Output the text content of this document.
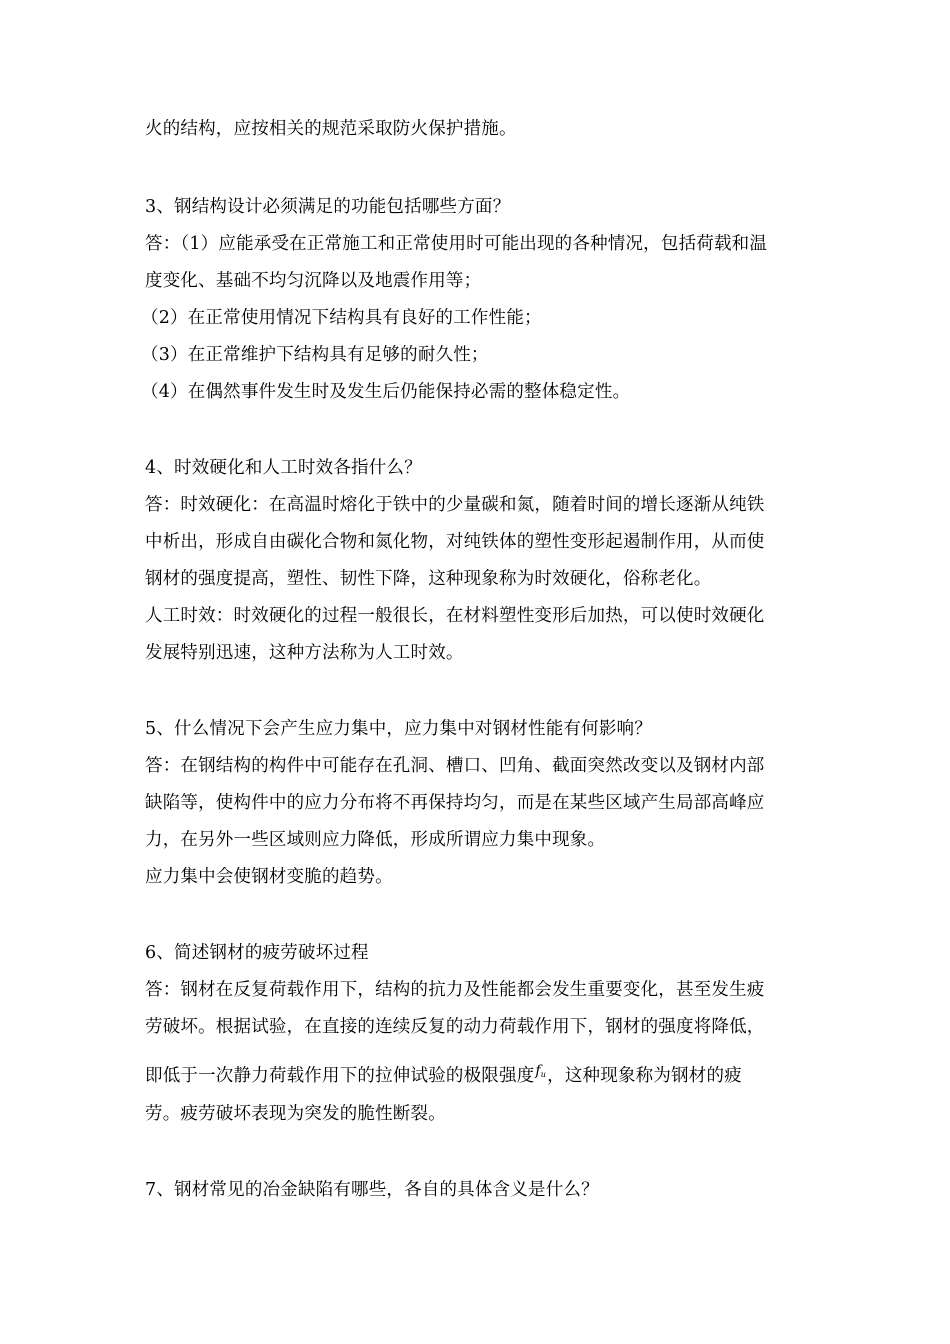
火的结构，应按相关的规范采取防火保护措施。
3、钢结构设计必须满足的功能包括哪些方面？
答：（1）应能承受在正常施工和正常使用时可能出现的各种情况，包括荷载和温
度变化、基础不均匀沉降以及地震作用等；
（2）在正常使用情况下结构具有良好的工作性能；
（3）在正常维护下结构具有足够的耐久性；
（4）在偶然事件发生时及发生后仍能保持必需的整体稳定性。
4、时效硬化和人工时效各指什么？
答：时效硬化：在高温时熔化于铁中的少量碳和氮，随着时间的增长逐渐从纯铁
中析出，形成自由碳化合物和氮化物，对纯铁体的塑性变形起遏制作用，从而使
钢材的强度提高，塑性、韧性下降，这种现象称为时效硬化，俗称老化。
人工时效：时效硬化的过程一般很长，在材料塑性变形后加热，可以使时效硬化
发展特别迅速，这种方法称为人工时效。
5、什么情况下会产生应力集中，应力集中对钢材性能有何影响？
答：在钢结构的构件中可能存在孔洞、槽口、凹角、截面突然改变以及钢材内部
缺陷等，使构件中的应力分布将不再保持均匀，而是在某些区域产生局部高峰应
力，在另外一些区域则应力降低，形成所谓应力集中现象。
应力集中会使钢材变脆的趋势。
6、简述钢材的疲劳破坏过程
答：钢材在反复荷载作用下，结构的抗力及性能都会发生重要变化，甚至发生疲
劳破坏。根据试验，在直接的连续反复的动力荷载作用下，钢材的强度将降低，
即低于一次静力荷载作用下的拉伸试验的极限强度$f_u$，这种现象称为钢材的疲
劳。疲劳破坏表现为突发的脆性断裂。
7、钢材常见的冶金缺陷有哪些，各自的具体含义是什么？
